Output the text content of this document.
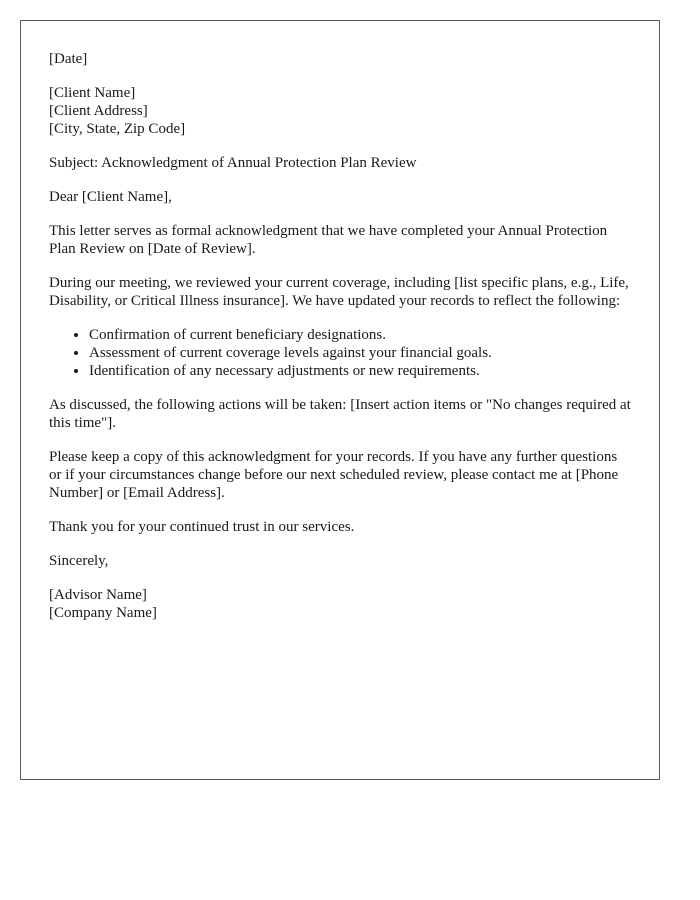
[Date]

[Client Name]
[Client Address]
[City, State, Zip Code]

Subject: Acknowledgment of Annual Protection Plan Review

Dear [Client Name],

This letter serves as formal acknowledgment that we have completed your Annual Protection Plan Review on [Date of Review].

During our meeting, we reviewed your current coverage, including [list specific plans, e.g., Life, Disability, or Critical Illness insurance]. We have updated your records to reflect the following:

• Confirmation of current beneficiary designations.
• Assessment of current coverage levels against your financial goals.
• Identification of any necessary adjustments or new requirements.

As discussed, the following actions will be taken: [Insert action items or "No changes required at this time"].

Please keep a copy of this acknowledgment for your records. If you have any further questions or if your circumstances change before our next scheduled review, please contact me at [Phone Number] or [Email Address].

Thank you for your continued trust in our services.

Sincerely,

[Advisor Name]
[Company Name]
